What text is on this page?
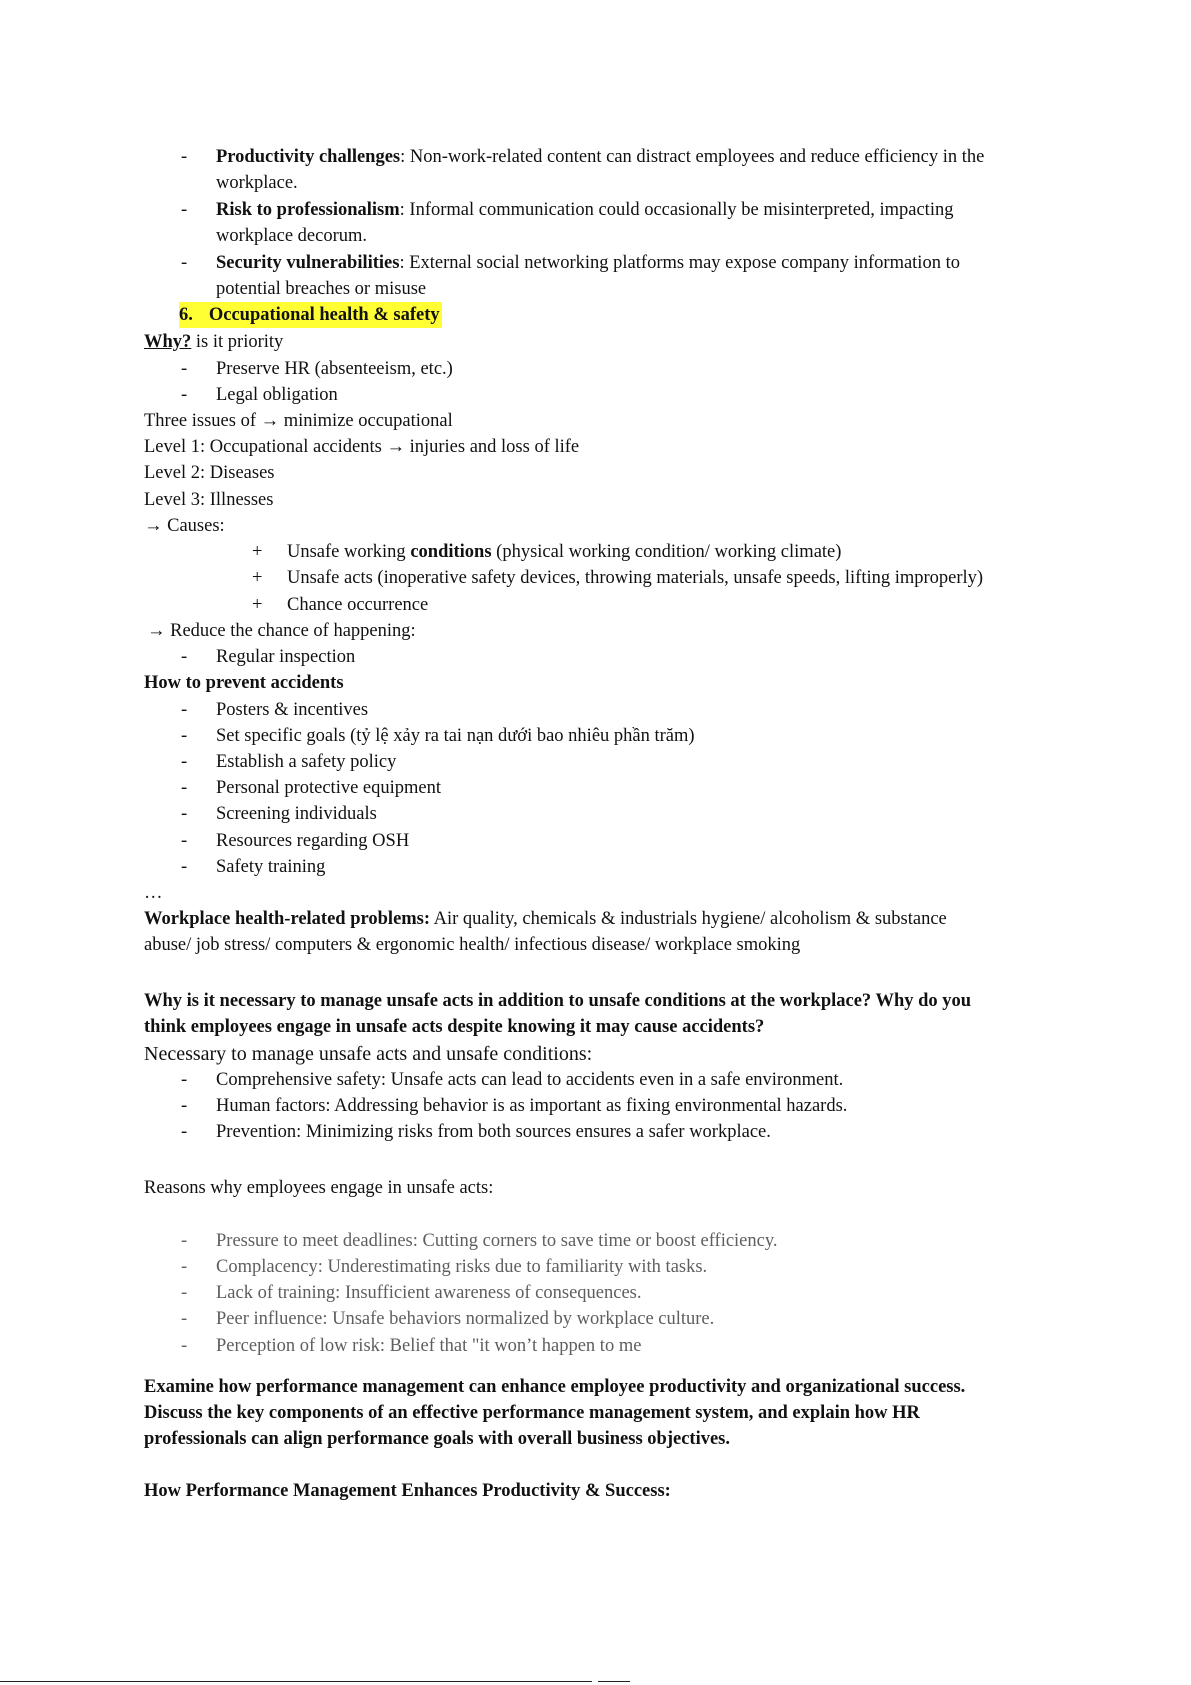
-	Productivity challenges: Non-work-related content can distract employees and reduce efficiency in the
workplace.
-	Risk to professionalism: Informal communication could occasionally be misinterpreted, impacting
workplace decorum.
-	Security vulnerabilities: External social networking platforms may expose company information to
potential breaches or misuse
6. Occupational health & safety
Why? is it priority
-	Preserve HR (absenteeism, etc.)
-	Legal obligation
Three issues of → minimize occupational
Level 1: Occupational accidents → injuries and loss of life
Level 2: Diseases
Level 3: Illnesses
→ Causes:
+ Unsafe working conditions (physical working condition/ working climate)
+ Unsafe acts (inoperative safety devices, throwing materials, unsafe speeds, lifting improperly)
+ Chance occurrence
→ Reduce the chance of happening:
-	Regular inspection
How to prevent accidents
-	Posters & incentives
-	Set specific goals (tỷ lệ xảy ra tai nạn dưới bao nhiêu phần trăm)
-	Establish a safety policy
-	Personal protective equipment
-	Screening individuals
-	Resources regarding OSH
-	Safety training
…
Workplace health-related problems: Air quality, chemicals & industrials hygiene/ alcoholism & substance
abuse/ job stress/ computers & ergonomic health/ infectious disease/ workplace smoking
Why is it necessary to manage unsafe acts in addition to unsafe conditions at the workplace? Why do you
think employees engage in unsafe acts despite knowing it may cause accidents?
Necessary to manage unsafe acts and unsafe conditions:
-	Comprehensive safety: Unsafe acts can lead to accidents even in a safe environment.
-	Human factors: Addressing behavior is as important as fixing environmental hazards.
-	Prevention: Minimizing risks from both sources ensures a safer workplace.
Reasons why employees engage in unsafe acts:
-	Pressure to meet deadlines: Cutting corners to save time or boost efficiency.
-	Complacency: Underestimating risks due to familiarity with tasks.
-	Lack of training: Insufficient awareness of consequences.
-	Peer influence: Unsafe behaviors normalized by workplace culture.
-	Perception of low risk: Belief that "it won’t happen to me
Examine how performance management can enhance employee productivity and organizational success.
Discuss the key components of an effective performance management system, and explain how HR
professionals can align performance goals with overall business objectives.
How Performance Management Enhances Productivity & Success:
